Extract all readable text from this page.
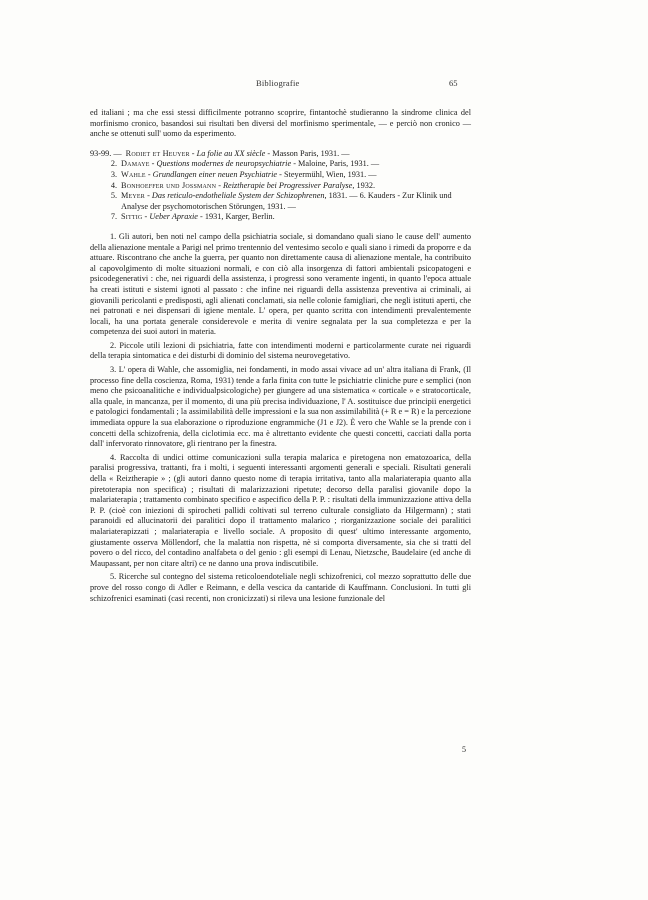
Bibliografie	65

ed italiani ; ma che essi stessi difficilmente potranno scoprire, fintantochè studieranno la sindrome clinica del morfinismo cronico, basandosi sui risultati ben diversi del morfinismo sperimentale, — e perciò non cronico — anche se ottenuti sull' uomo da esperimento.

93-99. — Rodiet et Heuyer - La folie au XX siècle - Masson Paris, 1931. —
2. Damaye - Questions modernes de neuropsychiatrie - Maloine, Paris, 1931. —
3. Wahle - Grundlangen einer neuen Psychiatrie - Steyermühl, Wien, 1931. —
4. Bonhoeffer und Jossmann - Reiztherapie bei Progressiver Paralyse, 1932.
5. Meyer - Das reticulo-endotheliale System der Schizophrenen, 1831. — 6. Kauders - Zur Klinik und Analyse der psychomotorischen Störungen, 1931. —
7. Sittig - Ueber Apraxie - 1931, Karger, Berlin.

1. Gli autori, ben noti nel campo della psichiatria sociale, si domandano quali siano le cause dell' aumento della alienazione mentale a Parigi nel primo trentennio del ventesimo secolo e quali siano i rimedi da proporre e da attuare. Riscontrano che anche la guerra, per quanto non direttamente causa di alienazione mentale, ha contribuito al capovolgimento di molte situazioni normali, e con ciò alla insorgenza di fattori ambientali psicopatogeni e psicodegenerativi : che, nei riguardi della assistenza, i progressi sono veramente ingenti, in quanto l'epoca attuale ha creati istituti e sistemi ignoti al passato : che infine nei riguardi della assistenza preventiva ai criminali, ai giovanili pericolanti e predisposti, agli alienati conclamati, sia nelle colonie famigliari, che negli istituti aperti, che nei patronati e nei dispensari di igiene mentale. L' opera, per quanto scritta con intendimenti prevalentemente locali, ha una portata generale considerevole e merita di venire segnalata per la sua completezza e per la competenza dei suoi autori in materia.

2. Piccole utili lezioni di psichiatria, fatte con intendimenti moderni e particolarmente curate nei riguardi della terapia sintomatica e dei disturbi di dominio del sistema neurovegetativo.

3. L' opera di Wahle, che assomiglia, nei fondamenti, in modo assai vivace ad un' altra italiana di Frank, (Il processo fine della coscienza, Roma, 1931) tende a farla finita con tutte le psichiatrie cliniche pure e semplici (non meno che psicoanalitiche e individualpsicologiche) per giungere ad una sistematica « corticale » e stratocorticale, alla quale, in mancanza, per il momento, di una più precisa individuazione, l' A. sostituisce due principii energetici e patologici fondamentali ; la assimilabilità delle impressioni e la sua non assimilabilità (+ R e = R) e la percezione immediata oppure la sua elaborazione o riproduzione engrammiche (J1 e J2). È vero che Wahle se la prende con i concetti della schizofrenia, della ciclotimia ecc. ma è altrettanto evidente che questi concetti, cacciati dalla porta dall' infervorato rinnovatore, gli rientrano per la finestra.

4. Raccolta di undici ottime comunicazioni sulla terapia malarica e piretogena non ematozoarica, della paralisi progressiva, trattanti, fra i molti, i seguenti interessanti argomenti generali e speciali. Risultati generali della « Reiztherapie » ; (gli autori danno questo nome di terapia irritativa, tanto alla malariaterapia quanto alla piretoterapia non specifica) ; risultati di malarizzazioni ripetute; decorso della paralisi giovanile dopo la malariaterapia ; trattamento combinato specifico e aspecifico della P. P. : risultati della immunizzazione attiva della P. P. (cioè con iniezioni di spirocheti pallidi coltivati sul terreno culturale consigliato da Hilgermann) ; stati paranoidi ed allucinatorii dei paralitici dopo il trattamento malarico ; riorganizzazione sociale dei paralitici malariaterapizzati ; malariaterapia e livello sociale. A proposito di quest' ultimo interessante argomento, giustamente osserva Möllendorf, che la malattia non rispetta, nè si comporta diversamente, sia che si tratti del povero o del ricco, del contadino analfabeta o del genio : gli esempi di Lenau, Nietzsche, Baudelaire (ed anche di Maupassant, per non citare altri) ce ne danno una prova indiscutibile.

5. Ricerche sul contegno del sistema reticoloendoteliale negli schizofrenici, col mezzo soprattutto delle due prove del rosso congo di Adler e Reimann, e della vescica da cantaride di Kauffmann. Conclusioni. In tutti gli schizofrenici esaminati (casi recenti, non cronicizzati) si rileva una lesione funzionale del

5
